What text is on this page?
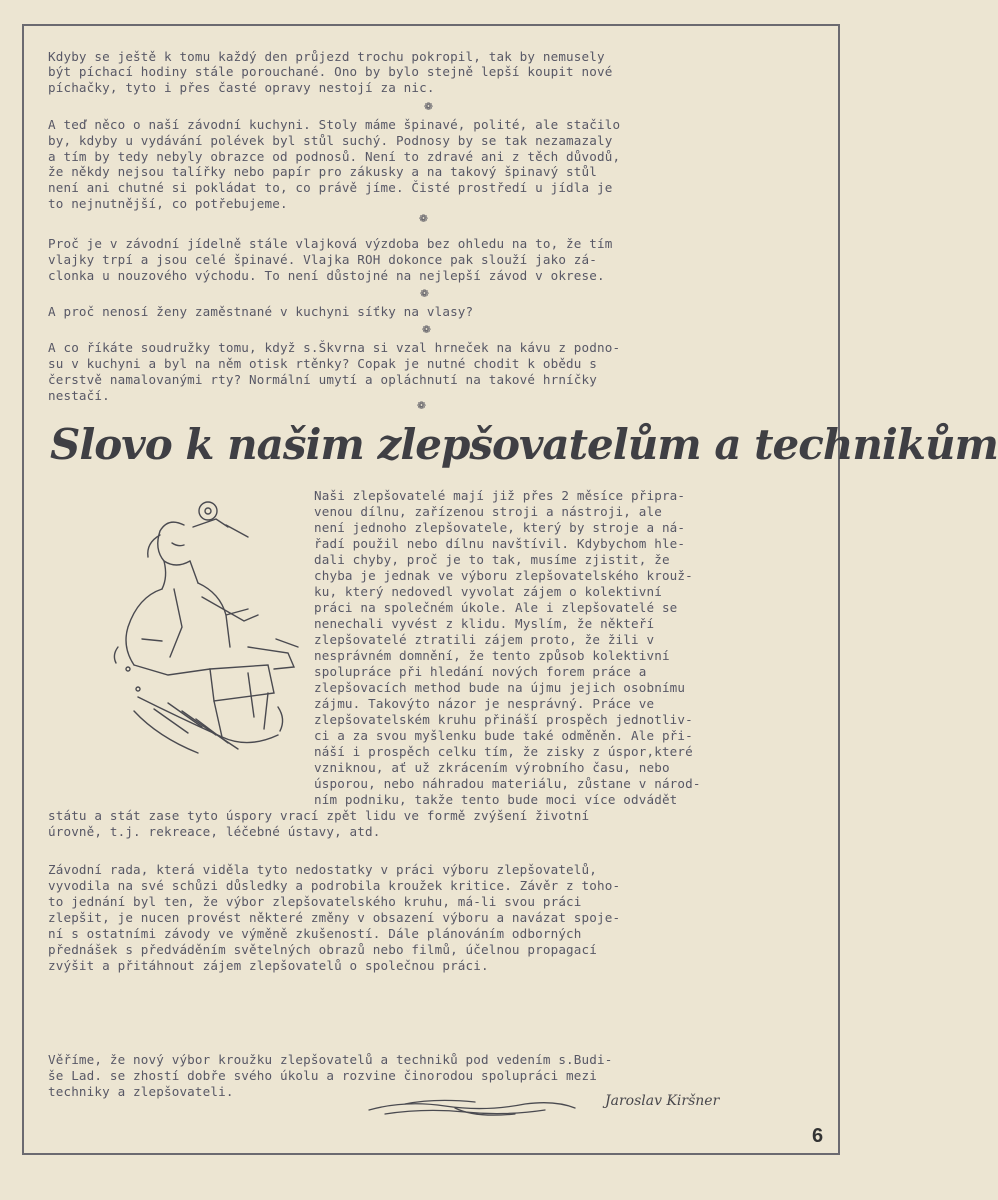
Kdyby se ještě k tomu každý den průjezd trochu pokropil, tak by nemusely

být píchací hodiny stále porouchané. Ono by bylo stejně lepší koupit nové

píchačky, tyto i přes časté opravy nestojí za nic.

A teď něco o naší závodní kuchyni. Stoly máme špinavé, polité, ale stačilo

by, kdyby u vydávání polévek byl stůl suchý. Podnosy by se tak nezamazaly

a tím by tedy nebyly obrazce od podnosů. Není to zdravé ani z těch důvodů,

že někdy nejsou talířky nebo papír pro zákusky a na takový špinavý stůl

není ani chutné si pokládat to, co právě jíme. Čisté prostředí u jídla je

to nejnutnější, co potřebujeme.

Proč je v závodní jídelně stále vlajková výzdoba bez ohledu na to, že tím

vlajky trpí a jsou celé špinavé. Vlajka ROH dokonce pak slouží jako zá-

clonka u nouzového východu. To není důstojné na nejlepší závod v okrese.

A proč nenosí ženy zaměstnané v kuchyni síťky na vlasy?

A co říkáte soudružky tomu, když s.Škvrna si vzal hrneček na kávu z podno-

su v kuchyni a byl na něm otisk rtěnky? Copak je nutné chodit k obědu s

čerstvě namalovanými rty? Normální umytí a opláchnutí na takové hrníčky

nestačí.

Naši zlepšovatelé mají již přes 2 měsíce připra-

venou dílnu, zařízenou stroji a nástroji, ale

není jednoho zlepšovatele, který by stroje a ná-

řadí použil nebo dílnu navštívil. Kdybychom hle-

dali chyby, proč je to tak, musíme zjistit, že

chyba je jednak ve výboru zlepšovatelského krouž-

ku, který nedovedl vyvolat zájem o kolektivní

práci na společném úkole. Ale i zlepšovatelé se

nenechali vyvést z klidu. Myslím, že někteří

zlepšovatelé ztratili zájem proto, že žili v

nesprávném domnění, že tento způsob kolektivní

spolupráce při hledání nových forem práce a

zlepšovacích method bude na újmu jejich osobnímu

zájmu. Takovýto názor je nesprávný. Práce ve

zlepšovatelském kruhu přináší prospěch jednotliv-

ci a za svou myšlenku bude také odměněn. Ale při-

náší i prospěch celku tím, že zisky z úspor,které

vzniknou, ať už zkrácením výrobního času, nebo

úsporou, nebo náhradou materiálu, zůstane v národ-

ním podniku, takže tento bude moci více odvádět

státu a stát zase tyto úspory vrací zpět lidu ve formě zvýšení životní

úrovně, t.j. rekreace, léčebné ústavy, atd.

Závodní rada, která viděla tyto nedostatky v práci výboru zlepšovatelů,

vyvodila na své schůzi důsledky a podrobila kroužek kritice. Závěr z toho-

to jednání byl ten, že výbor zlepšovatelského kruhu, má-li svou práci

zlepšit, je nucen provést některé změny v obsazení výboru a navázat spoje-

ní s ostatními závody ve výměně zkušeností. Dále plánováním odborných

přednášek s předváděním světelných obrazů nebo filmů, účelnou propagací

zvýšit a přitáhnout zájem zlepšovatelů o společnou práci.

Věříme, že nový výbor kroužku zlepšovatelů a techniků pod vedením s.Budi-

še Lad. se zhostí dobře svého úkolu a rozvine činorodou spolupráci mezi

techniky a zlepšovateli.

❁
❁
❁
❁
❁
Slovo k našim zlepšovatelům a technikům
Jaroslav Kiršner
6
